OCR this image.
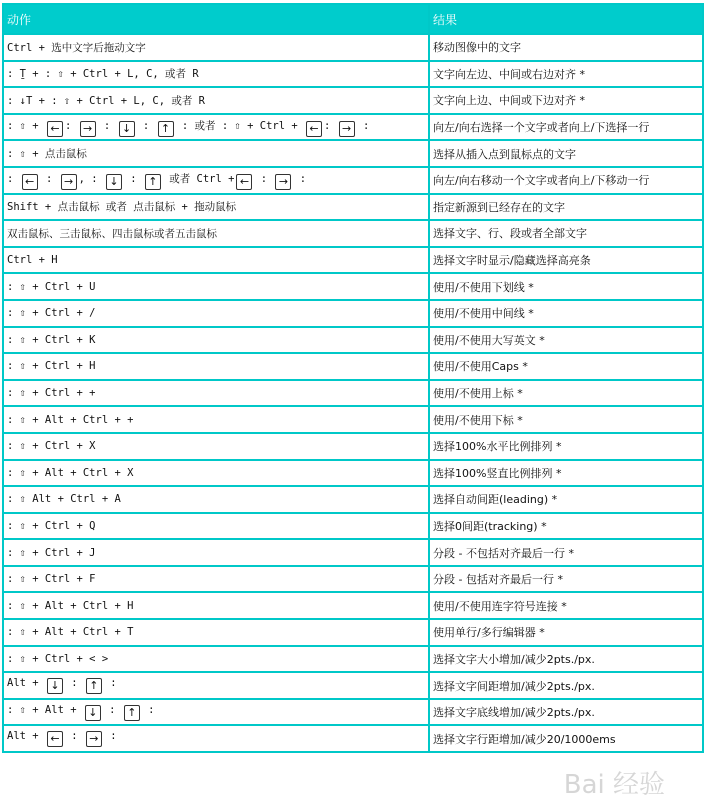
动作	结果
Ctrl + 选中文字后拖动文字	移动图像中的文字
: Ṯ + : ⇧ + Ctrl + L, C, 或者 R	文字向左边、中间或右边对齐 *
: ↓T + : ⇧ + Ctrl + L, C, 或者 R	文字向上边、中间或下边对齐 *
: ⇧ + ← : → : ↓ : ↑ : 或者 : ⇧ + Ctrl + ← : → :	向左/向右选择一个文字或者向上/下选择一行
: ⇧ + 点击鼠标	选择从插入点到鼠标点的文字
: ← : → , : ↓ : ↑ 或者 Ctrl + ← : → :	向左/向右移动一个文字或者向上/下移动一行
Shift + 点击鼠标 或者 点击鼠标 + 拖动鼠标	指定新源到已经存在的文字
双击鼠标、三击鼠标、四击鼠标或者五击鼠标	选择文字、行、段或者全部文字
Ctrl + H	选择文字时显示/隐藏选择高亮条
: ⇧ + Ctrl + U	使用/不使用下划线 *
: ⇧ + Ctrl + /	使用/不使用中间线 *
: ⇧ + Ctrl + K	使用/不使用大写英文 *
: ⇧ + Ctrl + H	使用/不使用Caps *
: ⇧ + Ctrl + +	使用/不使用上标 *
: ⇧ + Alt + Ctrl + +	使用/不使用下标 *
: ⇧ + Ctrl + X	选择100%水平比例排列 *
: ⇧ + Alt + Ctrl + X	选择100%竖直比例排列 *
: ⇧ Alt + Ctrl + A	选择自动间距(leading) *
: ⇧ + Ctrl + Q	选择0间距(tracking) *
: ⇧ + Ctrl + J	分段 - 不包括对齐最后一行 *
: ⇧ + Ctrl + F	分段 - 包括对齐最后一行 *
: ⇧ + Alt + Ctrl + H	使用/不使用连字符号连接 *
: ⇧ + Alt + Ctrl + T	使用单行/多行编辑器 *
: ⇧ + Ctrl + < >	选择文字大小增加/减少2pts./px.
Alt + ↓ : ↑ :	选择文字间距增加/减少2pts./px.
: ⇧ + Alt + ↓ : ↑ :	选择文字底线增加/减少2pts./px.
Alt + ← : → :	选择文字行距增加/减少20/1000ems
Bai 经验
